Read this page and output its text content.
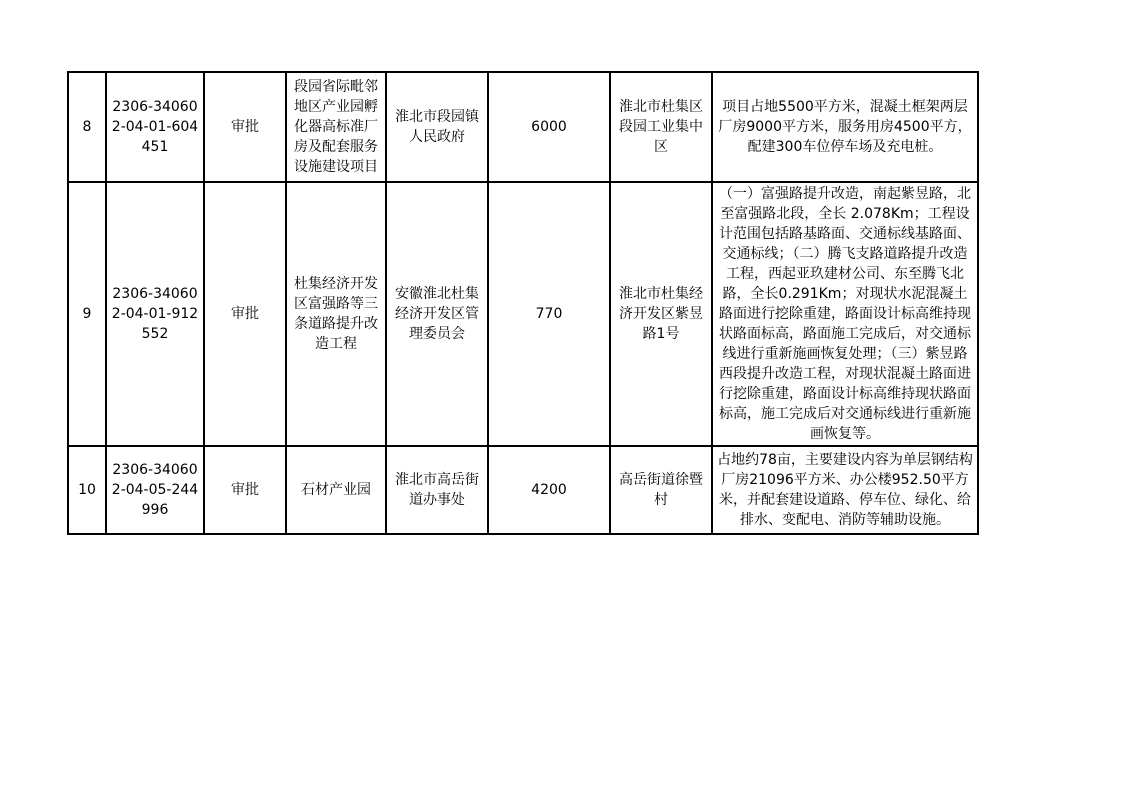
8	2306-340602-04-01-604451	审批	段园省际毗邻地区产业园孵化器高标准厂房及配套服务设施建设项目	淮北市段园镇人民政府	6000	淮北市杜集区段园工业集中区	项目占地5500平方米，混凝土框架两层厂房9000平方米，服务用房4500平方，配建300车位停车场及充电桩。
9	2306-340602-04-01-912552	审批	杜集经济开发区富强路等三条道路提升改造工程	安徽淮北杜集经济开发区管理委员会	770	淮北市杜集经济开发区紫昱路1号	（一）富强路提升改造，南起紫昱路，北至富强路北段，全长 2.078Km；工程设计范围包括路基路面、交通标线基路面、交通标线；（二）腾飞支路道路提升改造工程，西起亚玖建材公司、东至腾飞北路，全长0.291Km；对现状水泥混凝土路面进行挖除重建，路面设计标高维持现状路面标高，路面施工完成后，对交通标线进行重新施画恢复处理；（三）紫昱路西段提升改造工程，对现状混凝土路面进行挖除重建，路面设计标高维持现状路面标高，施工完成后对交通标线进行重新施画恢复等。

10	2306-340602-04-05-244996	审批	石材产业园	淮北市高岳街道办事处	4200	高岳街道徐暨村	占地约78亩，主要建设内容为单层钢结构厂房21096平方米、办公楼952.50平方米，并配套建设道路、停车位、绿化、给排水、变配电、消防等辅助设施。
